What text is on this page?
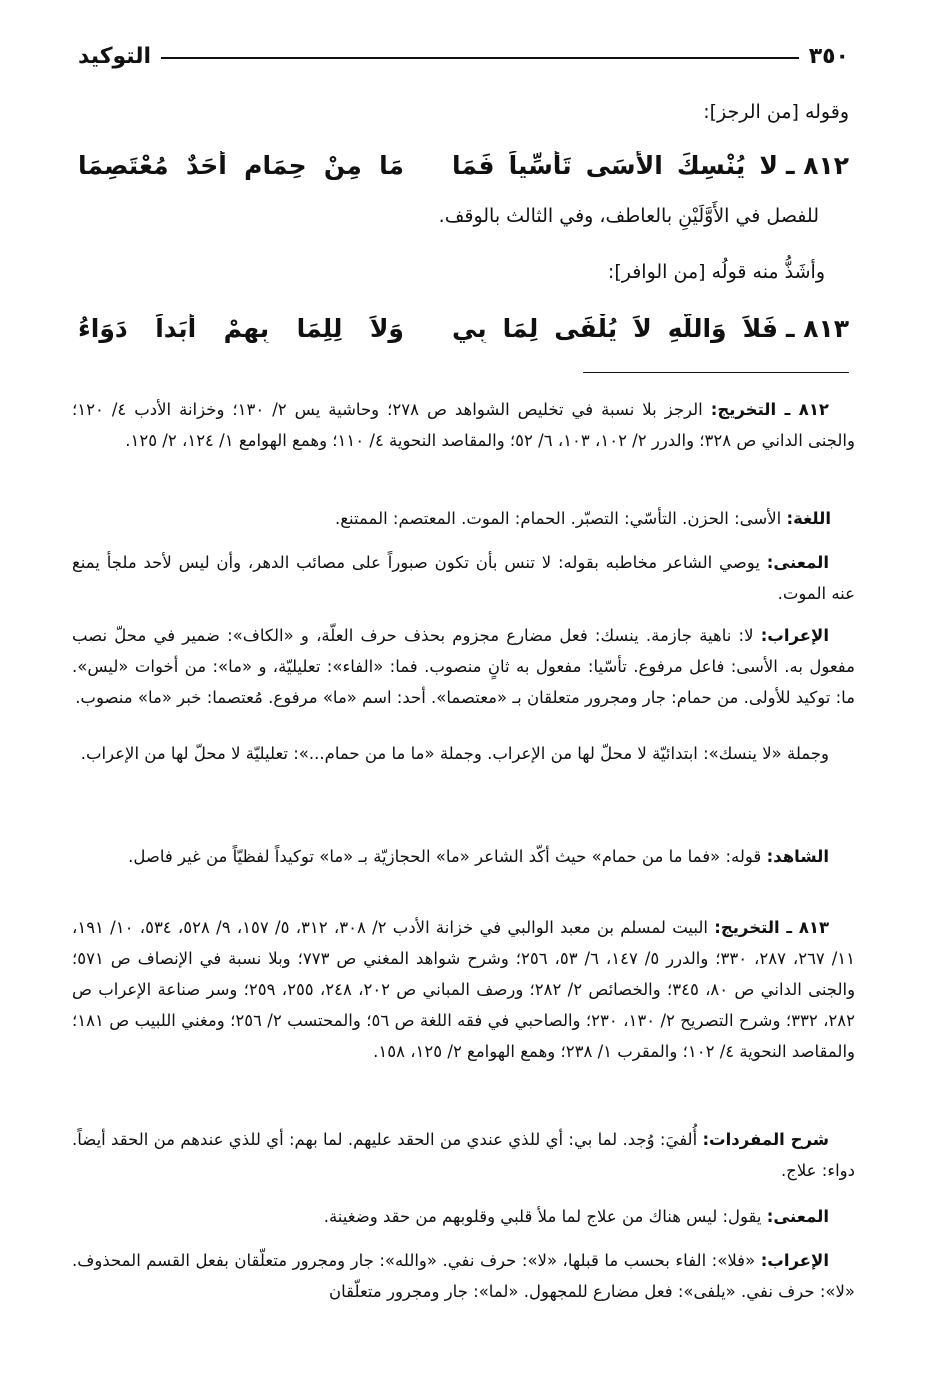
٣٥٠
التوكيد
وقوله [من الرجز]:
٨١٢ ـ
لا يُنْسِكَ الأَسَى تَأَسِّياً فَمَا
مَا مِنْ حِمَامٍ أَحَدٌ مُعْتَصِمَا
للفصل في الأَوَّلَيْنِ بالعاطف، وفي الثالث بالوقف.
وأشَذُّ منه قولُه [من الوافر]:
٨١٣ ـ
فَلاَ وَاللَّهِ لاَ يُلْفَى لِمَا بِي
وَلاَ لِلِمَا بِهِمْ أَبَداً دَوَاءُ
٨١٢ ـ التخريج: الرجز بلا نسبة في تخليص الشواهد ص ٢٧٨؛ وحاشية يس ٢/ ١٣٠؛ وخزانة الأدب ٤/ ١٢٠؛ والجنى الداني ص ٣٢٨؛ والدرر ٢/ ١٠٢، ١٠٣، ٦/ ٥٢؛ والمقاصد النحوية ٤/ ١١٠؛ وهمع الهوامع ١/ ١٢٤، ٢/ ١٢٥.
اللغة: الأسى: الحزن. التأسّي: التصبّر. الحمام: الموت. المعتصم: الممتنع.
المعنى: يوصي الشاعر مخاطبه بقوله: لا تنس بأن تكون صبوراً على مصائب الدهر، وأن ليس لأحد ملجأ يمنع عنه الموت.
الإعراب: لا: ناهية جازمة. ينسك: فعل مضارع مجزوم بحذف حرف العلّة، و «الكاف»: ضمير في محلّ نصب مفعول به. الأسى: فاعل مرفوع. تأسّيا: مفعول به ثانٍ منصوب. فما: «الفاء»: تعليليّة، و «ما»: من أخوات «ليس». ما: توكيد للأولى. من حمام: جار ومجرور متعلقان بـ «معتصما». أحد: اسم «ما» مرفوع. مُعتصما: خبر «ما» منصوب.
وجملة «لا ينسك»: ابتدائيّة لا محلّ لها من الإعراب. وجملة «ما ما من حمام...»: تعليليّة لا محلّ لها من الإعراب.
الشاهد: قوله: «فما ما من حمام» حيث أكّد الشاعر «ما» الحجازيّة بـ «ما» توكيداً لفظيّاً من غير فاصل.
٨١٣ ـ التخريج: البيت لمسلم بن معبد الوالبي في خزانة الأدب ٢/ ٣٠٨، ٣١٢، ٥/ ١٥٧، ٩/ ٥٢٨، ٥٣٤، ١٠/ ١٩١، ١١/ ٢٦٧، ٢٨٧، ٣٣٠؛ والدرر ٥/ ١٤٧، ٦/ ٥٣، ٢٥٦؛ وشرح شواهد المغني ص ٧٧٣؛ وبلا نسبة في الإنصاف ص ٥٧١؛ والجنى الداني ص ٨٠، ٣٤٥؛ والخصائص ٢/ ٢٨٢؛ ورصف المباني ص ٢٠٢، ٢٤٨، ٢٥٥، ٢٥٩؛ وسر صناعة الإعراب ص ٢٨٢، ٣٣٢؛ وشرح التصريح ٢/ ١٣٠، ٢٣٠؛ والصاحبي في فقه اللغة ص ٥٦؛ والمحتسب ٢/ ٢٥٦؛ ومغني اللبيب ص ١٨١؛ والمقاصد النحوية ٤/ ١٠٢؛ والمقرب ١/ ٢٣٨؛ وهمع الهوامع ٢/ ١٢٥، ١٥٨.
شرح المفردات: أُلفيَ: وُجد. لما بي: أي للذي عندي من الحقد عليهم. لما بهم: أي للذي عندهم من الحقد أيضاً. دواء: علاج.
المعنى: يقول: ليس هناك من علاج لما ملأ قلبي وقلوبهم من حقد وضغينة.
الإعراب: «فلا»: الفاء بحسب ما قبلها، «لا»: حرف نفي. «والله»: جار ومجرور متعلّقان بفعل القسم المحذوف. «لا»: حرف نفي. «يلفى»: فعل مضارع للمجهول. «لما»: جار ومجرور متعلّقان
